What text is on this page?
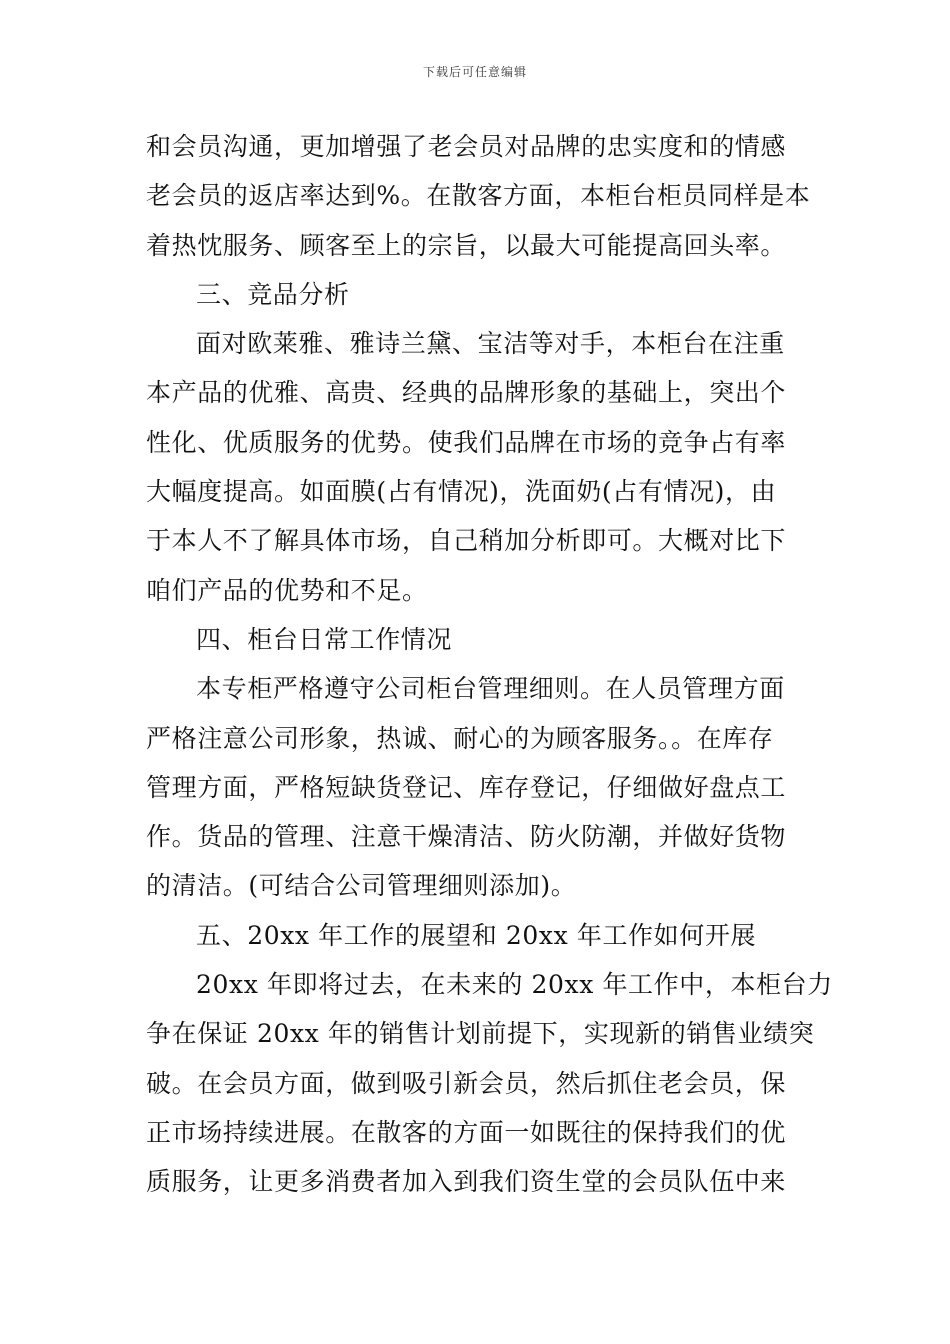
下载后可任意编辑
和会员沟通，更加增强了老会员对品牌的忠实度和的情感
老会员的返店率达到%。在散客方面，本柜台柜员同样是本
着热忱服务、顾客至上的宗旨，以最大可能提高回头率。
三、竞品分析
面对欧莱雅、雅诗兰黛、宝洁等对手，本柜台在注重
本产品的优雅、高贵、经典的品牌形象的基础上，突出个
性化、优质服务的优势。使我们品牌在市场的竞争占有率
大幅度提高。如面膜(占有情况)，洗面奶(占有情况)，由
于本人不了解具体市场，自己稍加分析即可。大概对比下
咱们产品的优势和不足。
四、柜台日常工作情况
本专柜严格遵守公司柜台管理细则。在人员管理方面
严格注意公司形象，热诚、耐心的为顾客服务。。在库存
管理方面，严格短缺货登记、库存登记，仔细做好盘点工
作。货品的管理、注意干燥清洁、防火防潮，并做好货物
的清洁。(可结合公司管理细则添加)。
五、20xx 年工作的展望和 20xx 年工作如何开展
20xx 年即将过去，在未来的 20xx 年工作中，本柜台力
争在保证 20xx 年的销售计划前提下，实现新的销售业绩突
破。在会员方面，做到吸引新会员，然后抓住老会员，保
正市场持续进展。在散客的方面一如既往的保持我们的优
质服务，让更多消费者加入到我们资生堂的会员队伍中来
